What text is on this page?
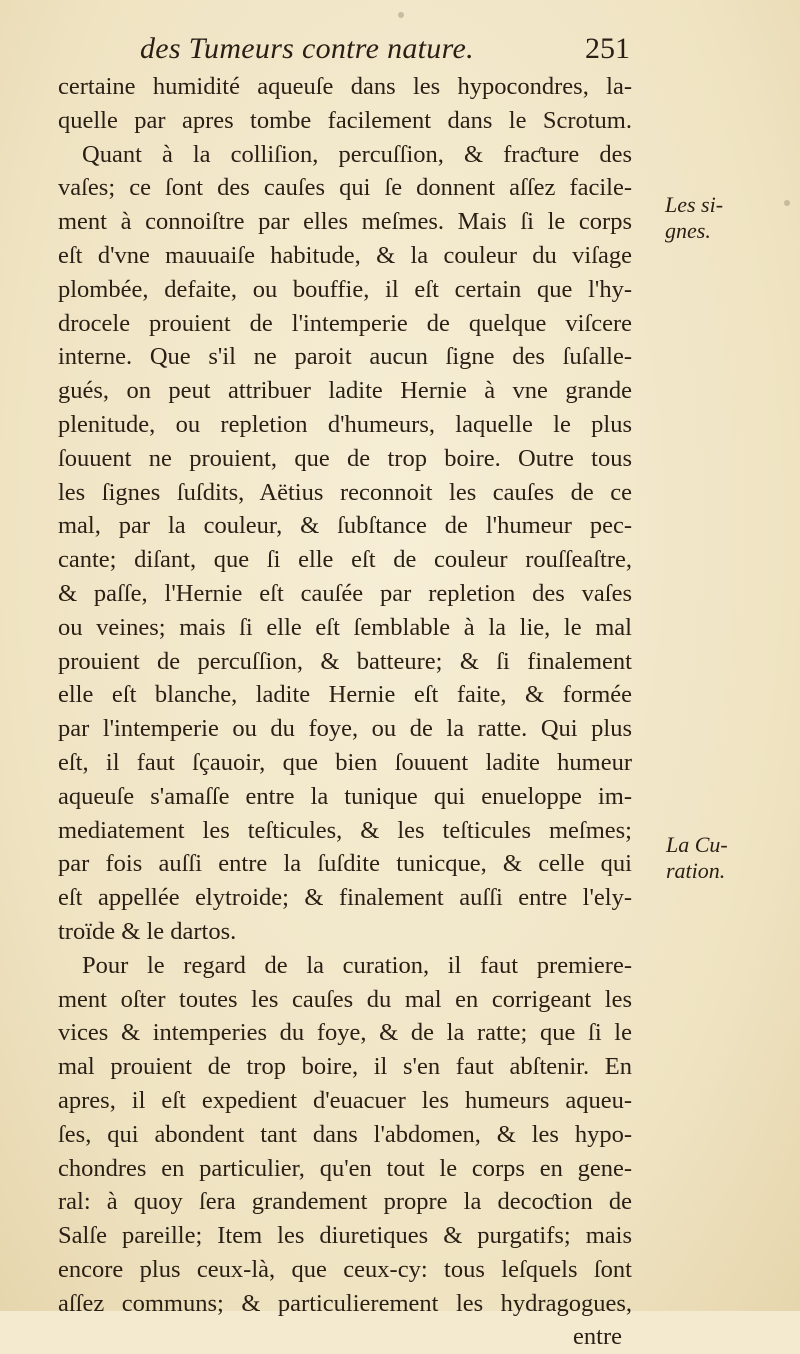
des Tumeurs contre nature.	251
certaine humidité aqueuſe dans les hypocondres, la-
quelle par apres tombe facilement dans le Scrotum.
Quant à la colliſion, percuſſion, & fraƈture des
vaſes; ce ſont des cauſes qui ſe donnent aſſez facile-
ment à connoiſtre par elles meſmes. Mais ſi le corps
eſt d'vne mauuaiſe habitude, & la couleur du viſage
plombée, defaite, ou bouffie, il eſt certain que l'hy-
drocele prouient de l'intemperie de quelque viſcere
interne. Que s'il ne paroit aucun ſigne des ſuſalle-
gués, on peut attribuer ladite Hernie à vne grande
plenitude, ou repletion d'humeurs, laquelle le plus
ſouuent ne prouient, que de trop boire. Outre tous
les ſignes ſuſdits, Aëtius reconnoit les cauſes de ce
mal, par la couleur, & ſubſtance de l'humeur pec-
cante; diſant, que ſi elle eſt de couleur rouſſeaſtre,
& paſſe, l'Hernie eſt cauſée par repletion des vaſes
ou veines; mais ſi elle eſt ſemblable à la lie, le mal
prouient de percuſſion, & batteure; & ſi finalement
elle eſt blanche, ladite Hernie eſt faite, & formée
par l'intemperie ou du foye, ou de la ratte. Qui plus
eſt, il faut ſçauoir, que bien ſouuent ladite humeur
aqueuſe s'amaſſe entre la tunique qui enueloppe im-
mediatement les teſticules, & les teſticules meſmes;
par fois auſſi entre la ſuſdite tunicque, & celle qui
eſt appellée elytroide; & finalement auſſi entre l'ely-
troïde & le dartos.
Pour le regard de la curation, il faut premiere-
ment oſter toutes les cauſes du mal en corrigeant les
vices & intemperies du foye, & de la ratte; que ſi le
mal prouient de trop boire, il s'en faut abſtenir. En
apres, il eſt expedient d'euacuer les humeurs aqueu-
ſes, qui abondent tant dans l'abdomen, & les hypo-
chondres en particulier, qu'en tout le corps en gene-
ral: à quoy ſera grandement propre la decoƈtion de
Salſe pareille; Item les diuretiques & purgatifs; mais
encore plus ceux-là, que ceux-cy: tous leſquels ſont
aſſez communs; & particulierement les hydragogues,
entre
Les si-
gnes.
La Cu-
ration.
